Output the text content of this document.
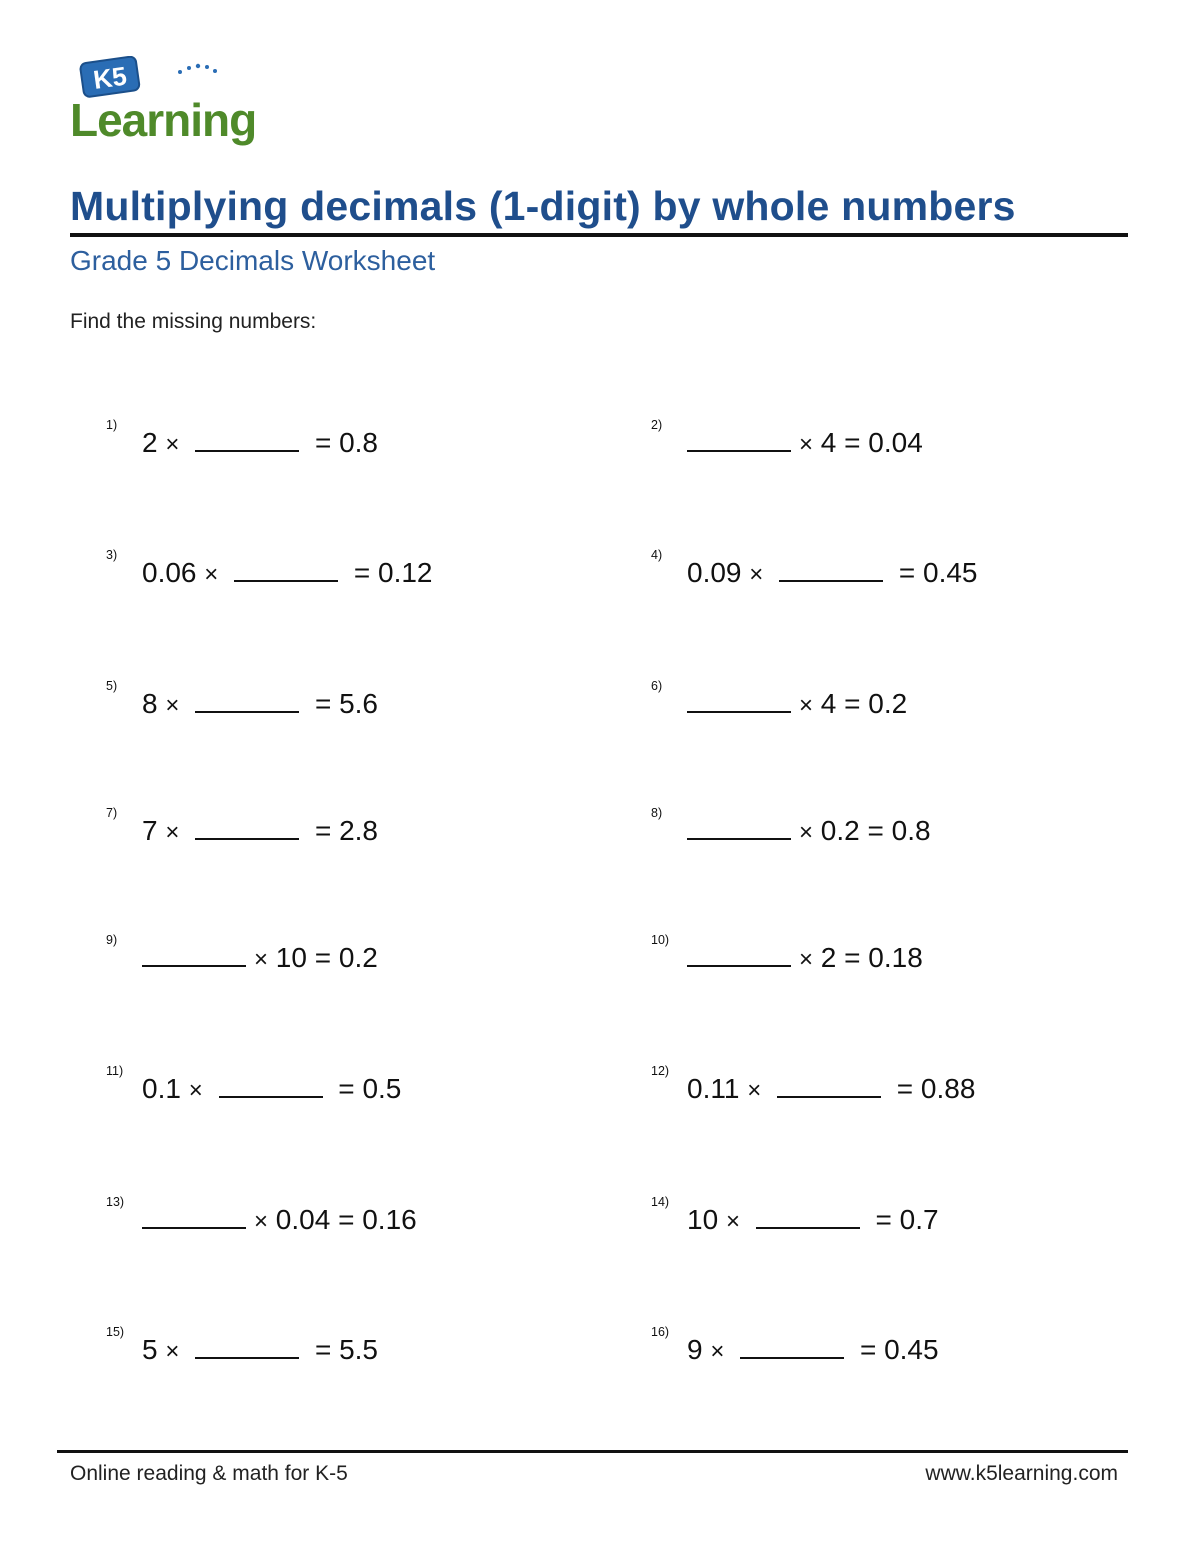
K5
Learning
Multiplying decimals (1-digit) by whole numbers
Grade 5 Decimals Worksheet
Find the missing numbers:
1)
2 ×	= 0.8
2)
× 4 = 0.04
3)
0.06 ×	= 0.12
4)
0.09 ×	= 0.45
5)
8 ×	= 5.6
6)
× 4 = 0.2
7)
7 ×	= 2.8
8)
× 0.2 = 0.8
9)
× 10 = 0.2
10)
× 2 = 0.18
11)
0.1 ×	= 0.5
12)
0.11 ×	= 0.88
13)
× 0.04 = 0.16
14)
10 ×	= 0.7
15)
5 ×	= 5.5
16)
9 ×	= 0.45
Online reading & math for K-5	www.k5learning.com
